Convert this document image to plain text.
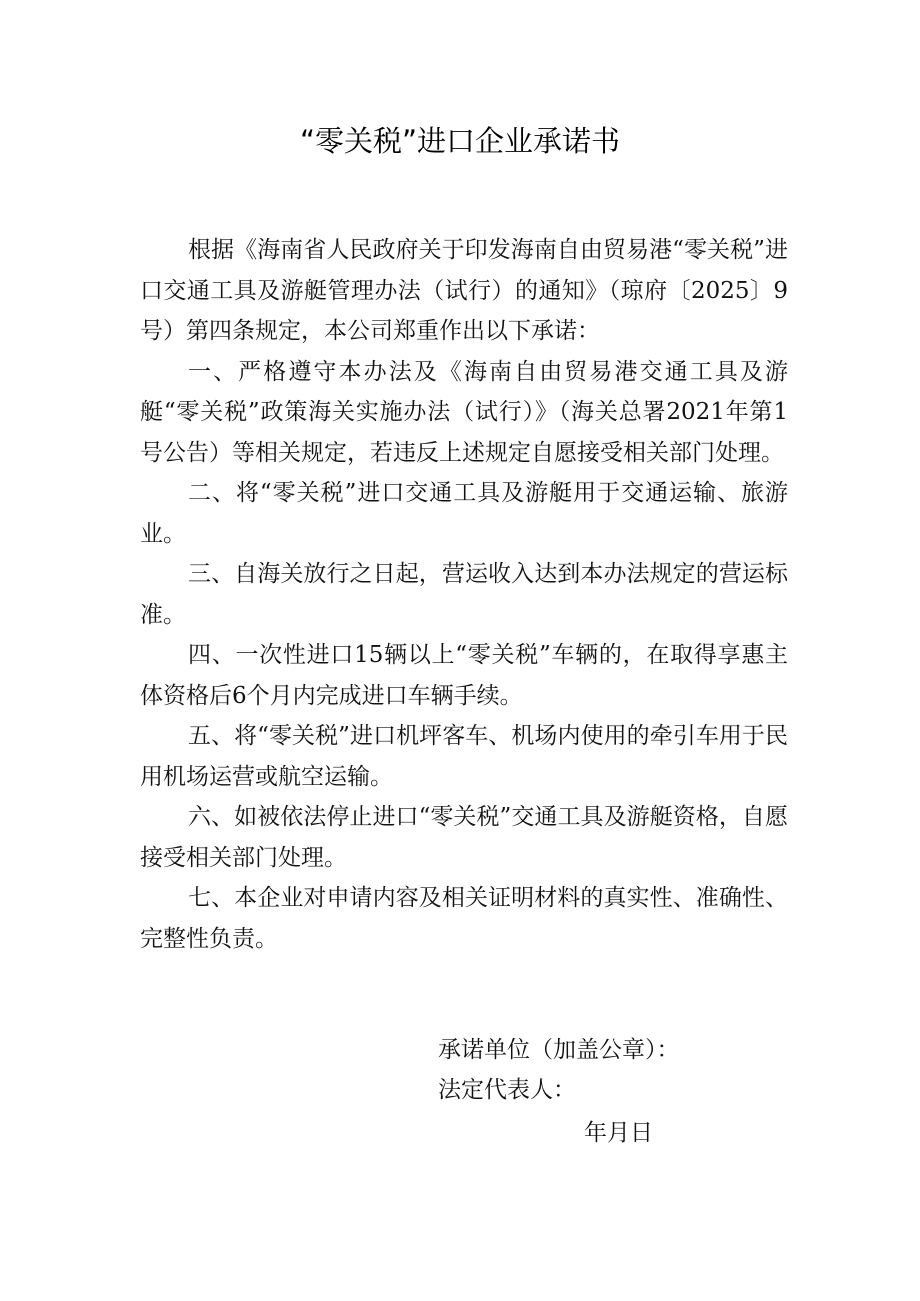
“零关税”进口企业承诺书

根据《海南省人民政府关于印发海南自由贸易港“零关税”进口交通工具及游艇管理办法（试行）的通知》（琼府〔2025〕9号）第四条规定，本公司郑重作出以下承诺：

一、严格遵守本办法及《海南自由贸易港交通工具及游艇“零关税”政策海关实施办法（试行）》（海关总署2021年第1号公告）等相关规定，若违反上述规定自愿接受相关部门处理。

二、将“零关税”进口交通工具及游艇用于交通运输、旅游业。

三、自海关放行之日起，营运收入达到本办法规定的营运标准。

四、一次性进口15辆以上“零关税”车辆的，在取得享惠主体资格后6个月内完成进口车辆手续。

五、将“零关税”进口机坪客车、机场内使用的牵引车用于民用机场运营或航空运输。

六、如被依法停止进口“零关税”交通工具及游艇资格，自愿接受相关部门处理。

七、本企业对申请内容及相关证明材料的真实性、准确性、完整性负责。

承诺单位（加盖公章）：
法定代表人：
年月日
